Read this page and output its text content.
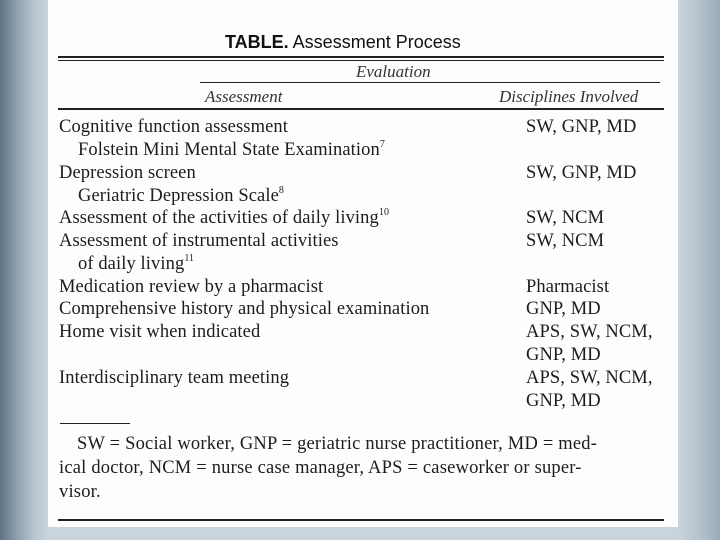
TABLE. Assessment Process
Evaluation
Assessment	Disciplines Involved
Cognitive function assessment	SW, GNP, MD
Folstein Mini Mental State Examination$^7$
Depression screen	SW, GNP, MD
Geriatric Depression Scale$^8$
Assessment of the activities of daily living$^{10}$	SW, NCM
Assessment of instrumental activities	SW, NCM
of daily living$^{11}$
Medication review by a pharmacist	Pharmacist
Comprehensive history and physical examination	GNP, MD
Home visit when indicated	APS, SW, NCM,
GNP, MD
Interdisciplinary team meeting	APS, SW, NCM,
GNP, MD
SW = Social worker, GNP = geriatric nurse practitioner, MD = med-
ical doctor, NCM = nurse case manager, APS = caseworker or super-
visor.
